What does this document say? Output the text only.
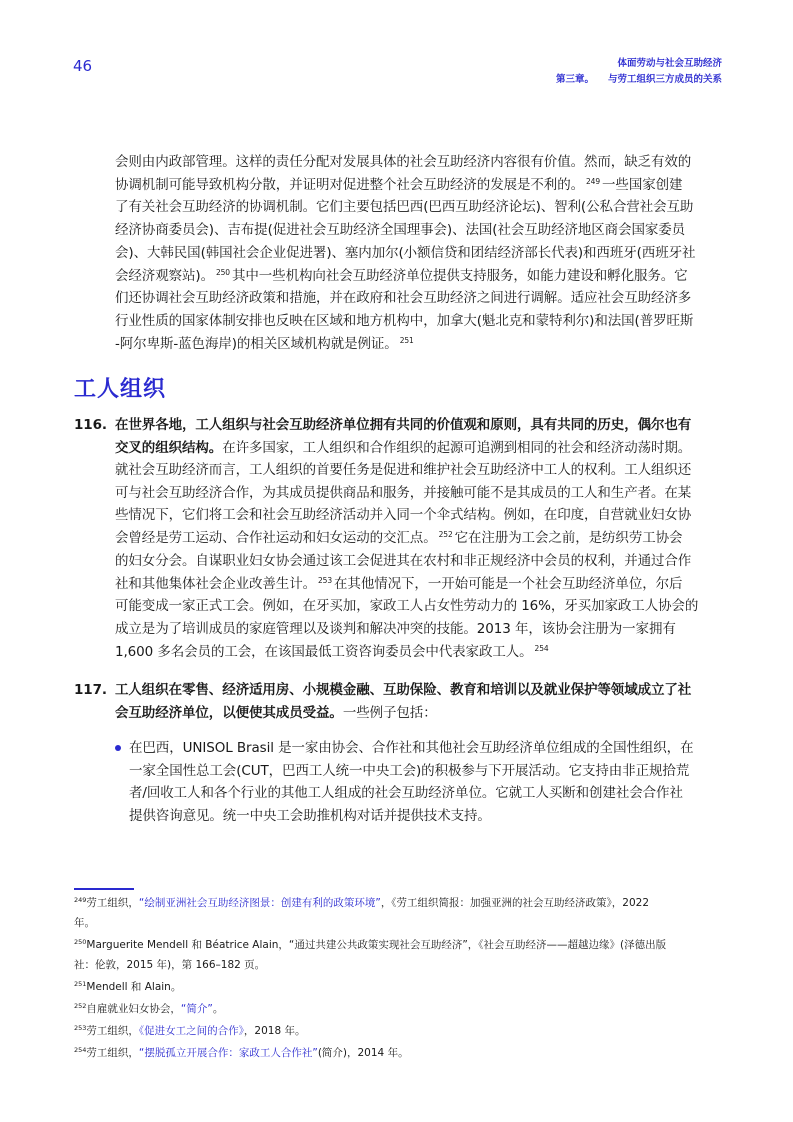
46	体面劳动与社会互助经济
第三章。 与劳工组织三方成员的关系
会则由内政部管理。这样的责任分配对发展具体的社会互助经济内容很有价值。然而，缺乏有效的
协调机制可能导致机构分散，并证明对促进整个社会互助经济的发展是不利的。 $^{249}$ 一些国家创建
了有关社会互助经济的协调机制。它们主要包括巴西(巴西互助经济论坛)、智利(公私合营社会互助
经济协商委员会)、吉布提(促进社会互助经济全国理事会)、法国(社会互助经济地区商会国家委员
会)、大韩民国(韩国社会企业促进署)、塞内加尔(小额信贷和团结经济部长代表)和西班牙(西班牙社
会经济观察站)。 $^{250}$ 其中一些机构向社会互助经济单位提供支持服务，如能力建设和孵化服务。它
们还协调社会互助经济政策和措施，并在政府和社会互助经济之间进行调解。适应社会互助经济多
行业性质的国家体制安排也反映在区域和地方机构中，加拿大(魁北克和蒙特利尔)和法国(普罗旺斯
-阿尔卑斯-蓝色海岸)的相关区域机构就是例证。 $^{251}$
工人组织
116. 在世界各地，工人组织与社会互助经济单位拥有共同的价值观和原则，具有共同的历史，偶尔也有
交叉的组织结构。在许多国家，工人组织和合作组织的起源可追溯到相同的社会和经济动荡时期。
就社会互助经济而言，工人组织的首要任务是促进和维护社会互助经济中工人的权利。工人组织还
可与社会互助经济合作，为其成员提供商品和服务，并接触可能不是其成员的工人和生产者。在某
些情况下，它们将工会和社会互助经济活动并入同一个伞式结构。例如，在印度，自营就业妇女协
会曾经是劳工运动、合作社运动和妇女运动的交汇点。 $^{252}$ 它在注册为工会之前，是纺织劳工协会
的妇女分会。自谋职业妇女协会通过该工会促进其在农村和非正规经济中会员的权利，并通过合作
社和其他集体社会企业改善生计。 $^{253}$ 在其他情况下，一开始可能是一个社会互助经济单位，尔后
可能变成一家正式工会。例如，在牙买加，家政工人占女性劳动力的 16%，牙买加家政工人协会的
成立是为了培训成员的家庭管理以及谈判和解决冲突的技能。2013 年，该协会注册为一家拥有
1,600 多名会员的工会，在该国最低工资咨询委员会中代表家政工人。 $^{254}$
117. 工人组织在零售、经济适用房、小规模金融、互助保险、教育和培训以及就业保护等领域成立了社
会互助经济单位，以便使其成员受益。一些例子包括：
在巴西，UNISOL Brasil 是一家由协会、合作社和其他社会互助经济单位组成的全国性组织，在
一家全国性总工会(CUT，巴西工人统一中央工会)的积极参与下开展活动。它支持由非正规拾荒
者/回收工人和各个行业的其他工人组成的社会互助经济单位。它就工人买断和创建社会合作社
提供咨询意见。统一中央工会助推机构对话并提供技术支持。
$^{249}$劳工组织，“绘制亚洲社会互助经济图景：创建有利的政策环境”，《劳工组织简报：加强亚洲的社会互助经济政策》，2022
年。
$^{250}$Marguerite Mendell 和 Béatrice Alain，“通过共建公共政策实现社会互助经济”，《社会互助经济——超越边缘》(泽德出版
社：伦敦，2015 年)，第 166–182 页。
$^{251}$Mendell 和 Alain。
$^{252}$自雇就业妇女协会，“简介”。
$^{253}$劳工组织，《促进女工之间的合作》，2018 年。
$^{254}$劳工组织，“摆脱孤立开展合作：家政工人合作社”(简介)，2014 年。
